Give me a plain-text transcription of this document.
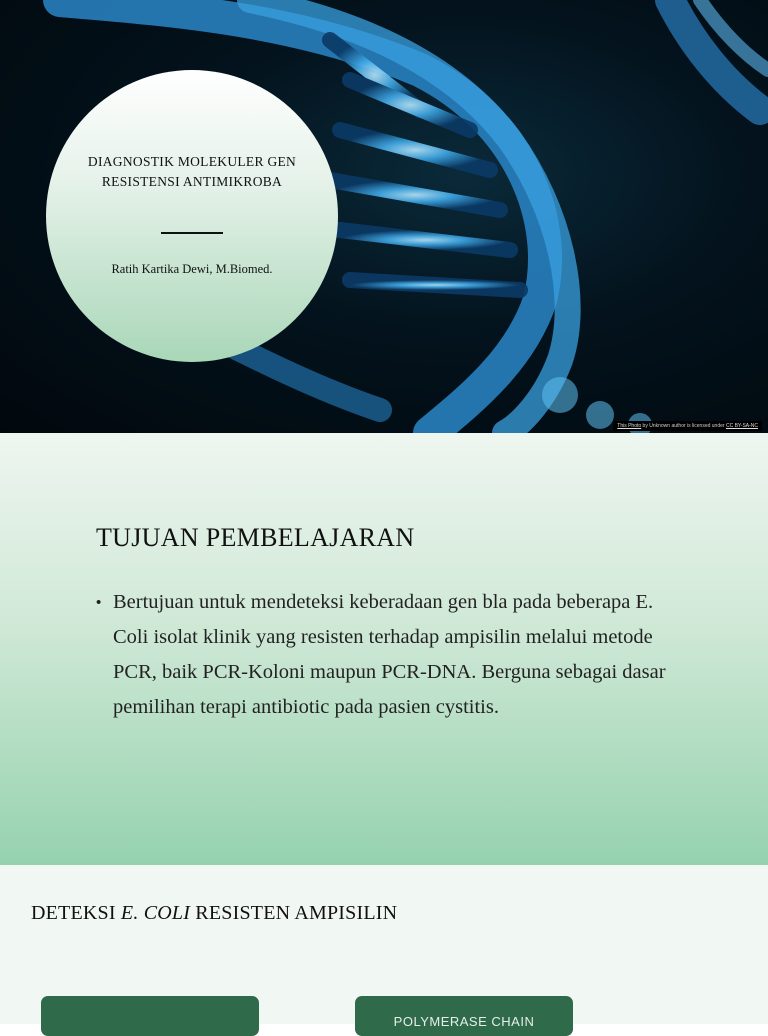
DIAGNOSTIK MOLEKULER GEN RESISTENSI ANTIMIKROBA
Ratih Kartika Dewi, M.Biomed.
This Photo by Unknown author is licensed under CC BY-SA-NC
TUJUAN PEMBELAJARAN
• Bertujuan untuk mendeteksi keberadaan gen bla pada beberapa E. Coli isolat klinik yang resisten terhadap ampisilin melalui metode PCR, baik PCR-Koloni maupun PCR-DNA. Berguna sebagai dasar pemilihan terapi antibiotic pada pasien cystitis.
DETEKSI E. COLI RESISTEN AMPISILIN
POLYMERASE CHAIN
